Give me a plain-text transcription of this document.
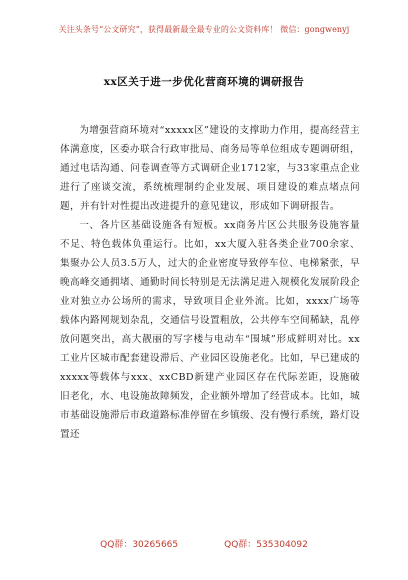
关注头条号“公文研究”，获得最新最全最专业的公文资料库！ 微信：gongwenyj
xx区关于进一步优化营商环境的调研报告

为增强营商环境对“xxxxx区”建设的支撑助力作用，提高经营主体满意度，区委办联合行政审批局、商务局等单位组成专题调研组，通过电话沟通、问卷调查等方式调研企业1712家，与33家重点企业进行了座谈交流，系统梳理制约企业发展、项目建设的难点堵点问题，并有针对性提出改进提升的意见建议，形成如下调研报告。

一、各片区基础设施各有短板。xx商务片区公共服务设施容量不足、特色载体负重运行。比如，xx大厦入驻各类企业700余家、集聚办公人员3.5万人，过大的企业密度导致停车位、电梯紧张，早晚高峰交通拥堵、通勤时间长特别是无法满足进入规模化发展阶段企业对独立办公场所的需求，导致项目企业外流。比如，xxxx广场等载体内路网规划杂乱，交通信号设置粗放，公共停车空间稀缺，乱停放问题突出，高大靓丽的写字楼与电动车“围城”形成鲜明对比。xx工业片区城市配套建设滞后、产业园区设施老化。比如，早已建成的xxxxx等载体与xxx、xxCBD新建产业园区存在代际差距，设施破旧老化，水、电设施故障频发，企业额外增加了经营成本。比如，城市基础设施滞后市政道路标准停留在乡镇级、没有慢行系统，路灯设置还

QQ群：30265665	QQ群：535304092
